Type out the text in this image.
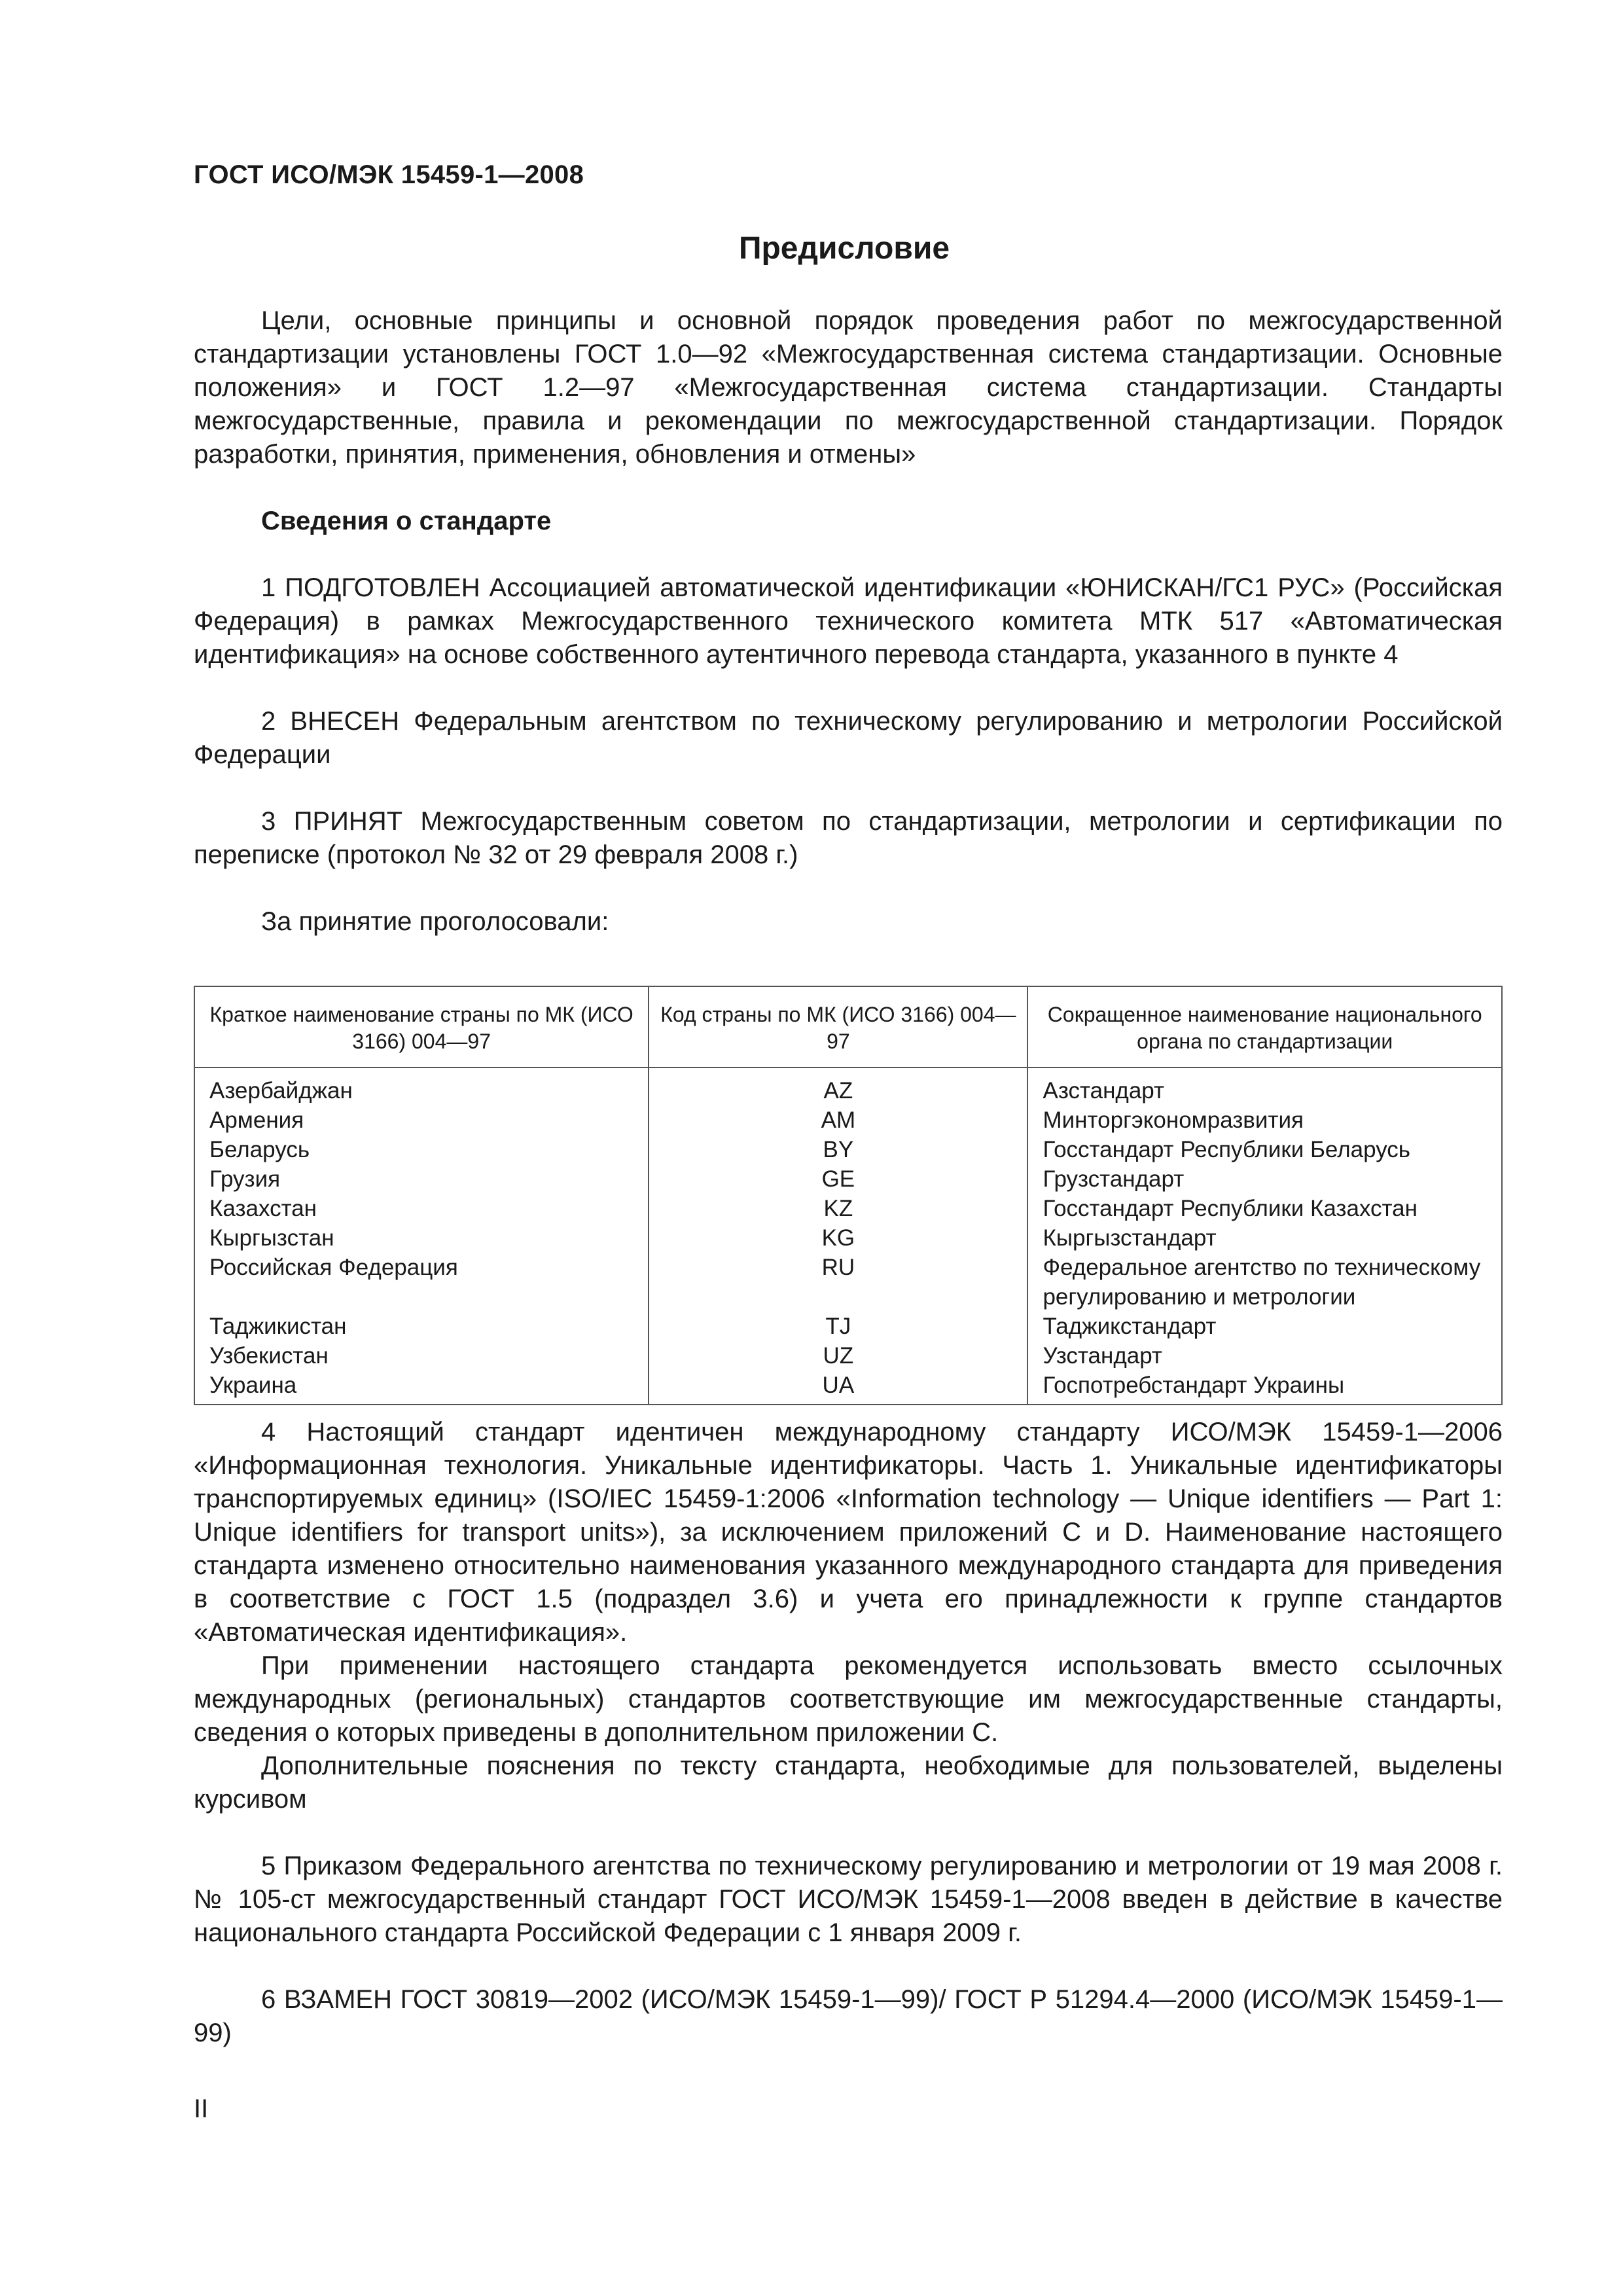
ГОСТ ИСО/МЭК 15459-1—2008
Предисловие

Цели, основные принципы и основной порядок проведения работ по межгосударственной стандартизации установлены ГОСТ 1.0—92 «Межгосударственная система стандартизации. Основные положения» и ГОСТ 1.2—97 «Межгосударственная система стандартизации. Стандарты межгосударственные, правила и рекомендации по межгосударственной стандартизации. Порядок разработки, принятия, применения, обновления и отмены»

Сведения о стандарте

1 ПОДГОТОВЛЕН Ассоциацией автоматической идентификации «ЮНИСКАН/ГС1 РУС» (Российская Федерация) в рамках Межгосударственного технического комитета МТК 517 «Автоматическая идентификация» на основе собственного аутентичного перевода стандарта, указанного в пункте 4

2 ВНЕСЕН Федеральным агентством по техническому регулированию и метрологии Российской Федерации

3 ПРИНЯТ Межгосударственным советом по стандартизации, метрологии и сертификации по переписке (протокол № 32 от 29 февраля 2008 г.)

За принятие проголосовали:

Краткое наименование страны по МК (ИСО 3166) 004—97	Код страны по МК (ИСО 3166) 004—97	Сокращенное наименование национального органа по стандартизации
Азербайджан	AZ	Азстандарт
Армения	AM	Минторгэкономразвития
Беларусь	BY	Госстандарт Республики Беларусь
Грузия	GE	Грузстандарт
Казахстан	KZ	Госстандарт Республики Казахстан
Кыргызстан	KG	Кыргызстандарт
Российская Федерация	RU	Федеральное агентство по техническому регулированию и метрологии
Таджикистан	TJ	Таджикстандарт
Узбекистан	UZ	Узстандарт
Украина	UA	Госпотребстандарт Украины

4 Настоящий стандарт идентичен международному стандарту ИСО/МЭК 15459-1—2006 «Информационная технология. Уникальные идентификаторы. Часть 1. Уникальные идентификаторы транспортируемых единиц» (ISO/IEC 15459-1:2006 «Information technology — Unique identifiers — Part 1: Unique identifiers for transport units»), за исключением приложений С и D. Наименование настоящего стандарта изменено относительно наименования указанного международного стандарта для приведения в соответствие с ГОСТ 1.5 (подраздел 3.6) и учета его принадлежности к группе стандартов «Автоматическая идентификация».

При применении настоящего стандарта рекомендуется использовать вместо ссылочных международных (региональных) стандартов соответствующие им межгосударственные стандарты, сведения о которых приведены в дополнительном приложении С.

Дополнительные пояснения по тексту стандарта, необходимые для пользователей, выделены курсивом

5 Приказом Федерального агентства по техническому регулированию и метрологии от 19 мая 2008 г. № 105-ст межгосударственный стандарт ГОСТ ИСО/МЭК 15459-1—2008 введен в действие в качестве национального стандарта Российской Федерации с 1 января 2009 г.

6 ВЗАМЕН ГОСТ 30819—2002 (ИСО/МЭК 15459-1—99)/ ГОСТ Р 51294.4—2000 (ИСО/МЭК 15459-1—99)

II
